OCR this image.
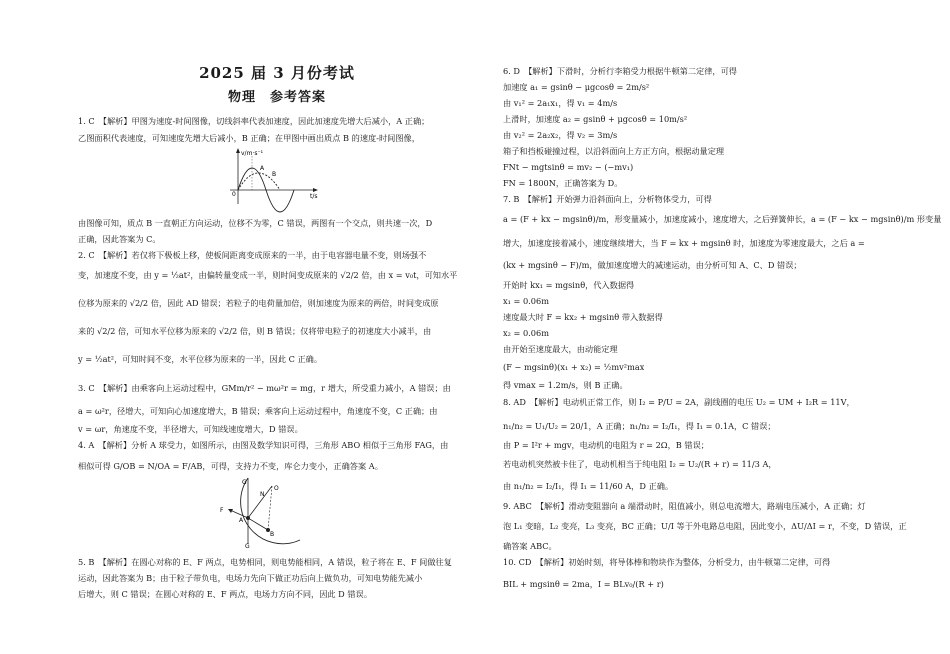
2025 届 3 月份考试
物理　参考答案
1. C　【解析】甲图为速度-时间图像，切线斜率代表加速度，因此加速度先增大后减小，A 正确；
乙图面积代表速度，可知速度先增大后减小，B 正确；在甲图中画出质点 B 的速度-时间图像，
v/m·s⁻¹
0	t/s
A
B
由图像可知，质点 B 一直朝正方向运动，位移不为零，C 错误，两图有一个交点，则共速一次，D
正确，因此答案为 C。
2. C　【解析】若仅将下极板上移，使板间距离变成原来的一半，由于电容器电量不变，则场强不
变，加速度不变，由 y = ½at²，由偏转量变成一半，则时间变成原来的 √2/2 倍，由 x = v₀t，可知水平
位移为原来的 √2/2 倍，因此 AD 错误；若粒子的电荷量加倍，则加速度为原来的两倍，时间变成原
来的 √2/2 倍，可知水平位移为原来的 √2/2 倍，则 B 错误；仅将带电粒子的初速度大小减半，由
y = ½at²，可知时间不变，水平位移为原来的一半，因此 C 正确。
3. C　【解析】由乘客向上运动过程中，GMm/r² − mω²r = mg，r 增大，所受重力减小，A 错误；由
a = ω²r，径增大，可知向心加速度增大，B 错误；乘客向上运动过程中，角速度不变，C 正确；由
v = ωr，角速度不变，半径增大，可知线速度增大，D 错误。
4. A　【解析】分析 A 球受力，如图所示，由图及数学知识可得，三角形 ABO 相似于三角形 FAG，由
相似可得 G/OB = N/OA = F/AB，可得，支持力不变，库仑力变小，正确答案 A。
G
N
O
F
A
B
G
5. B　【解析】在圆心对称的 E、F 两点，电势相同，则电势能相同，A 错误，粒子将在 E、F 间做往复
运动，因此答案为 B；由于粒子带负电，电场力先向下做正功后向上做负功，可知电势能先减小
后增大，则 C 错误；在圆心对称的 E、F 两点，电场力方向不同，因此 D 错误。
6. D　【解析】下滑时，分析行李箱受力根据牛顿第二定律，可得
加速度 a₁ = gsinθ − μgcosθ = 2m/s²
由 v₁² = 2a₁x₁，得 v₁ = 4m/s
上滑时，加速度 a₂ = gsinθ + μgcosθ = 10m/s²
由 v₂² = 2a₂x₂，得 v₂ = 3m/s
箱子和挡板碰撞过程，以沿斜面向上方正方向，根据动量定理
FNt − mgtsinθ = mv₂ − (−mv₁)
FN = 1800N，正确答案为 D。
7. B　【解析】开始弹力沿斜面向上，分析物体受力，可得
a = (F + kx − mgsinθ)/m，形变量减小，加速度减小，速度增大，之后弹簧伸长，a = (F − kx − mgsinθ)/m 形变量
增大，加速度接着减小，速度继续增大，当 F = kx + mgsinθ 时，加速度为零速度最大，之后 a =
(kx + mgsinθ − F)/m，做加速度增大的减速运动，由分析可知 A、C、D 错误；
开始时 kx₁ = mgsinθ，代入数据得
x₁ = 0.06m
速度最大时 F = kx₂ + mgsinθ 带入数据得
x₂ = 0.06m
由开始至速度最大，由动能定理
(F − mgsinθ)(x₁ + x₂) = ½mv²max
得 vmax = 1.2m/s，则 B 正确。
8. AD　【解析】电动机正常工作，则 I₂ = P/U = 2A，副线圈的电压 U₂ = UM + I₂R = 11V，
n₁/n₂ = U₁/U₂ = 20/1，A 正确；n₁/n₂ = I₂/I₁，得 I₁ = 0.1A，C 错误；
由 P = I²r + mgv，电动机的电阻为 r = 2Ω，B 错误；
若电动机突然被卡住了，电动机相当于纯电阻 I₂ = U₂/(R + r) = 11/3 A，
由 n₁/n₂ = I₂/I₁，得 I₁ = 11/60 A，D 正确。
9. ABC　【解析】滑动变阻器向 a 端滑动时，阻值减小，则总电流增大，路端电压减小，A 正确；灯
泡 L₁ 变暗，L₂ 变亮，L₃ 变亮，BC 正确；U/I 等于外电路总电阻，因此变小，ΔU/ΔI = r，不变，D 错误，正
确答案 ABC。
10. CD　【解析】初始时刻，将导体棒和物块作为整体，分析受力，由牛顿第二定律，可得
BIL + mgsinθ = 2ma，I = BLv₀/(R + r)
